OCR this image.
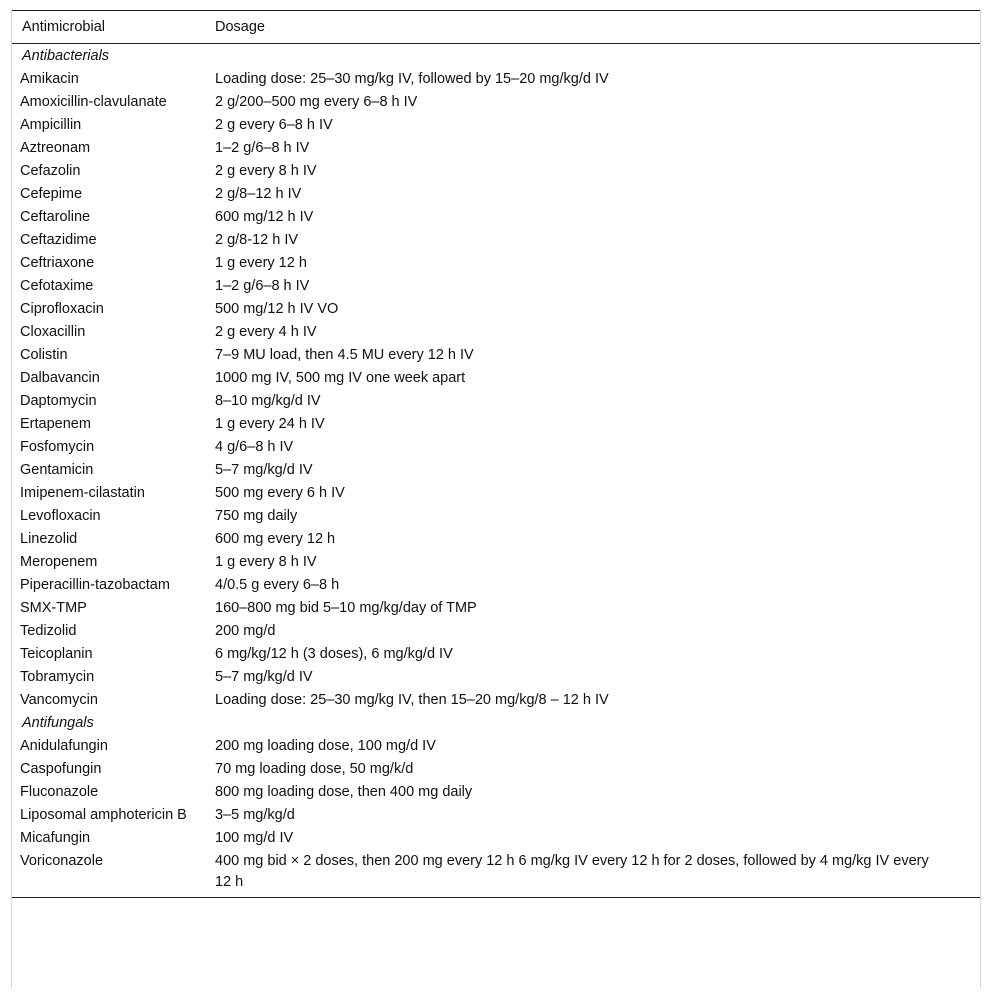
Antimicrobial	Dosage
Antibacterials	

Amikacin	Loading dose: 25–30 mg/kg IV, followed by 15–20 mg/kg/d IV

Amoxicillin-clavulanate	2 g/200–500 mg every 6–8 h IV

Ampicillin	2 g every 6–8 h IV

Aztreonam	1–2 g/6–8 h IV

Cefazolin	2 g every 8 h IV

Cefepime	2 g/8–12 h IV

Ceftaroline	600 mg/12 h IV

Ceftazidime	2 g/8-12 h IV

Ceftriaxone	1 g every 12 h

Cefotaxime	1–2 g/6–8 h IV

Ciprofloxacin	500 mg/12 h IV VO

Cloxacillin	2 g every 4 h IV

Colistin	7–9 MU load, then 4.5 MU every 12 h IV

Dalbavancin	1000 mg IV, 500 mg IV one week apart

Daptomycin	8–10 mg/kg/d IV

Ertapenem	1 g every 24 h IV

Fosfomycin	4 g/6–8 h IV

Gentamicin	5–7 mg/kg/d IV

Imipenem-cilastatin	500 mg every 6 h IV

Levofloxacin	750 mg daily

Linezolid	600 mg every 12 h

Meropenem	1 g every 8 h IV

Piperacillin-tazobactam	4/0.5 g every 6–8 h

SMX-TMP	160–800 mg bid 5–10 mg/kg/day of TMP

Tedizolid	200 mg/d

Teicoplanin	6 mg/kg/12 h (3 doses), 6 mg/kg/d IV

Tobramycin	5–7 mg/kg/d IV

Vancomycin	Loading dose: 25–30 mg/kg IV, then 15–20 mg/kg/8 – 12 h IV
Antifungals	

Anidulafungin	200 mg loading dose, 100 mg/d IV

Caspofungin	70 mg loading dose, 50 mg/k/d

Fluconazole	800 mg loading dose, then 400 mg daily

Liposomal amphotericin B	3–5 mg/kg/d

Micafungin	100 mg/d IV

Voriconazole	400 mg bid × 2 doses, then 200 mg every 12 h 6 mg/kg IV every 12 h for 2 doses, followed by 4 mg/kg IV every 12 h
